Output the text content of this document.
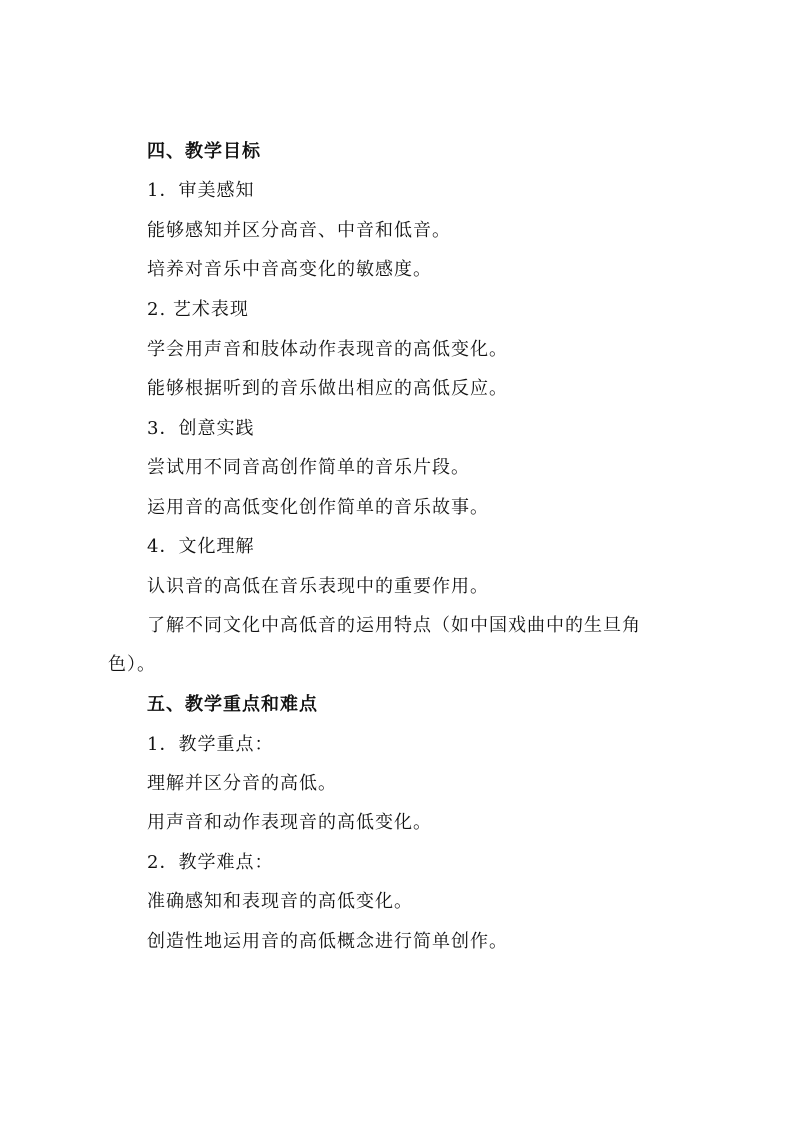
四、教学目标
1．审美感知
能够感知并区分高音、中音和低音。
培养对音乐中音高变化的敏感度。
2. 艺术表现
学会用声音和肢体动作表现音的高低变化。
能够根据听到的音乐做出相应的高低反应。
3．创意实践
尝试用不同音高创作简单的音乐片段。
运用音的高低变化创作简单的音乐故事。
4．文化理解
认识音的高低在音乐表现中的重要作用。
了解不同文化中高低音的运用特点（如中国戏曲中的生旦角
色）。
五、教学重点和难点
1．教学重点：
理解并区分音的高低。
用声音和动作表现音的高低变化。
2．教学难点：
准确感知和表现音的高低变化。
创造性地运用音的高低概念进行简单创作。
